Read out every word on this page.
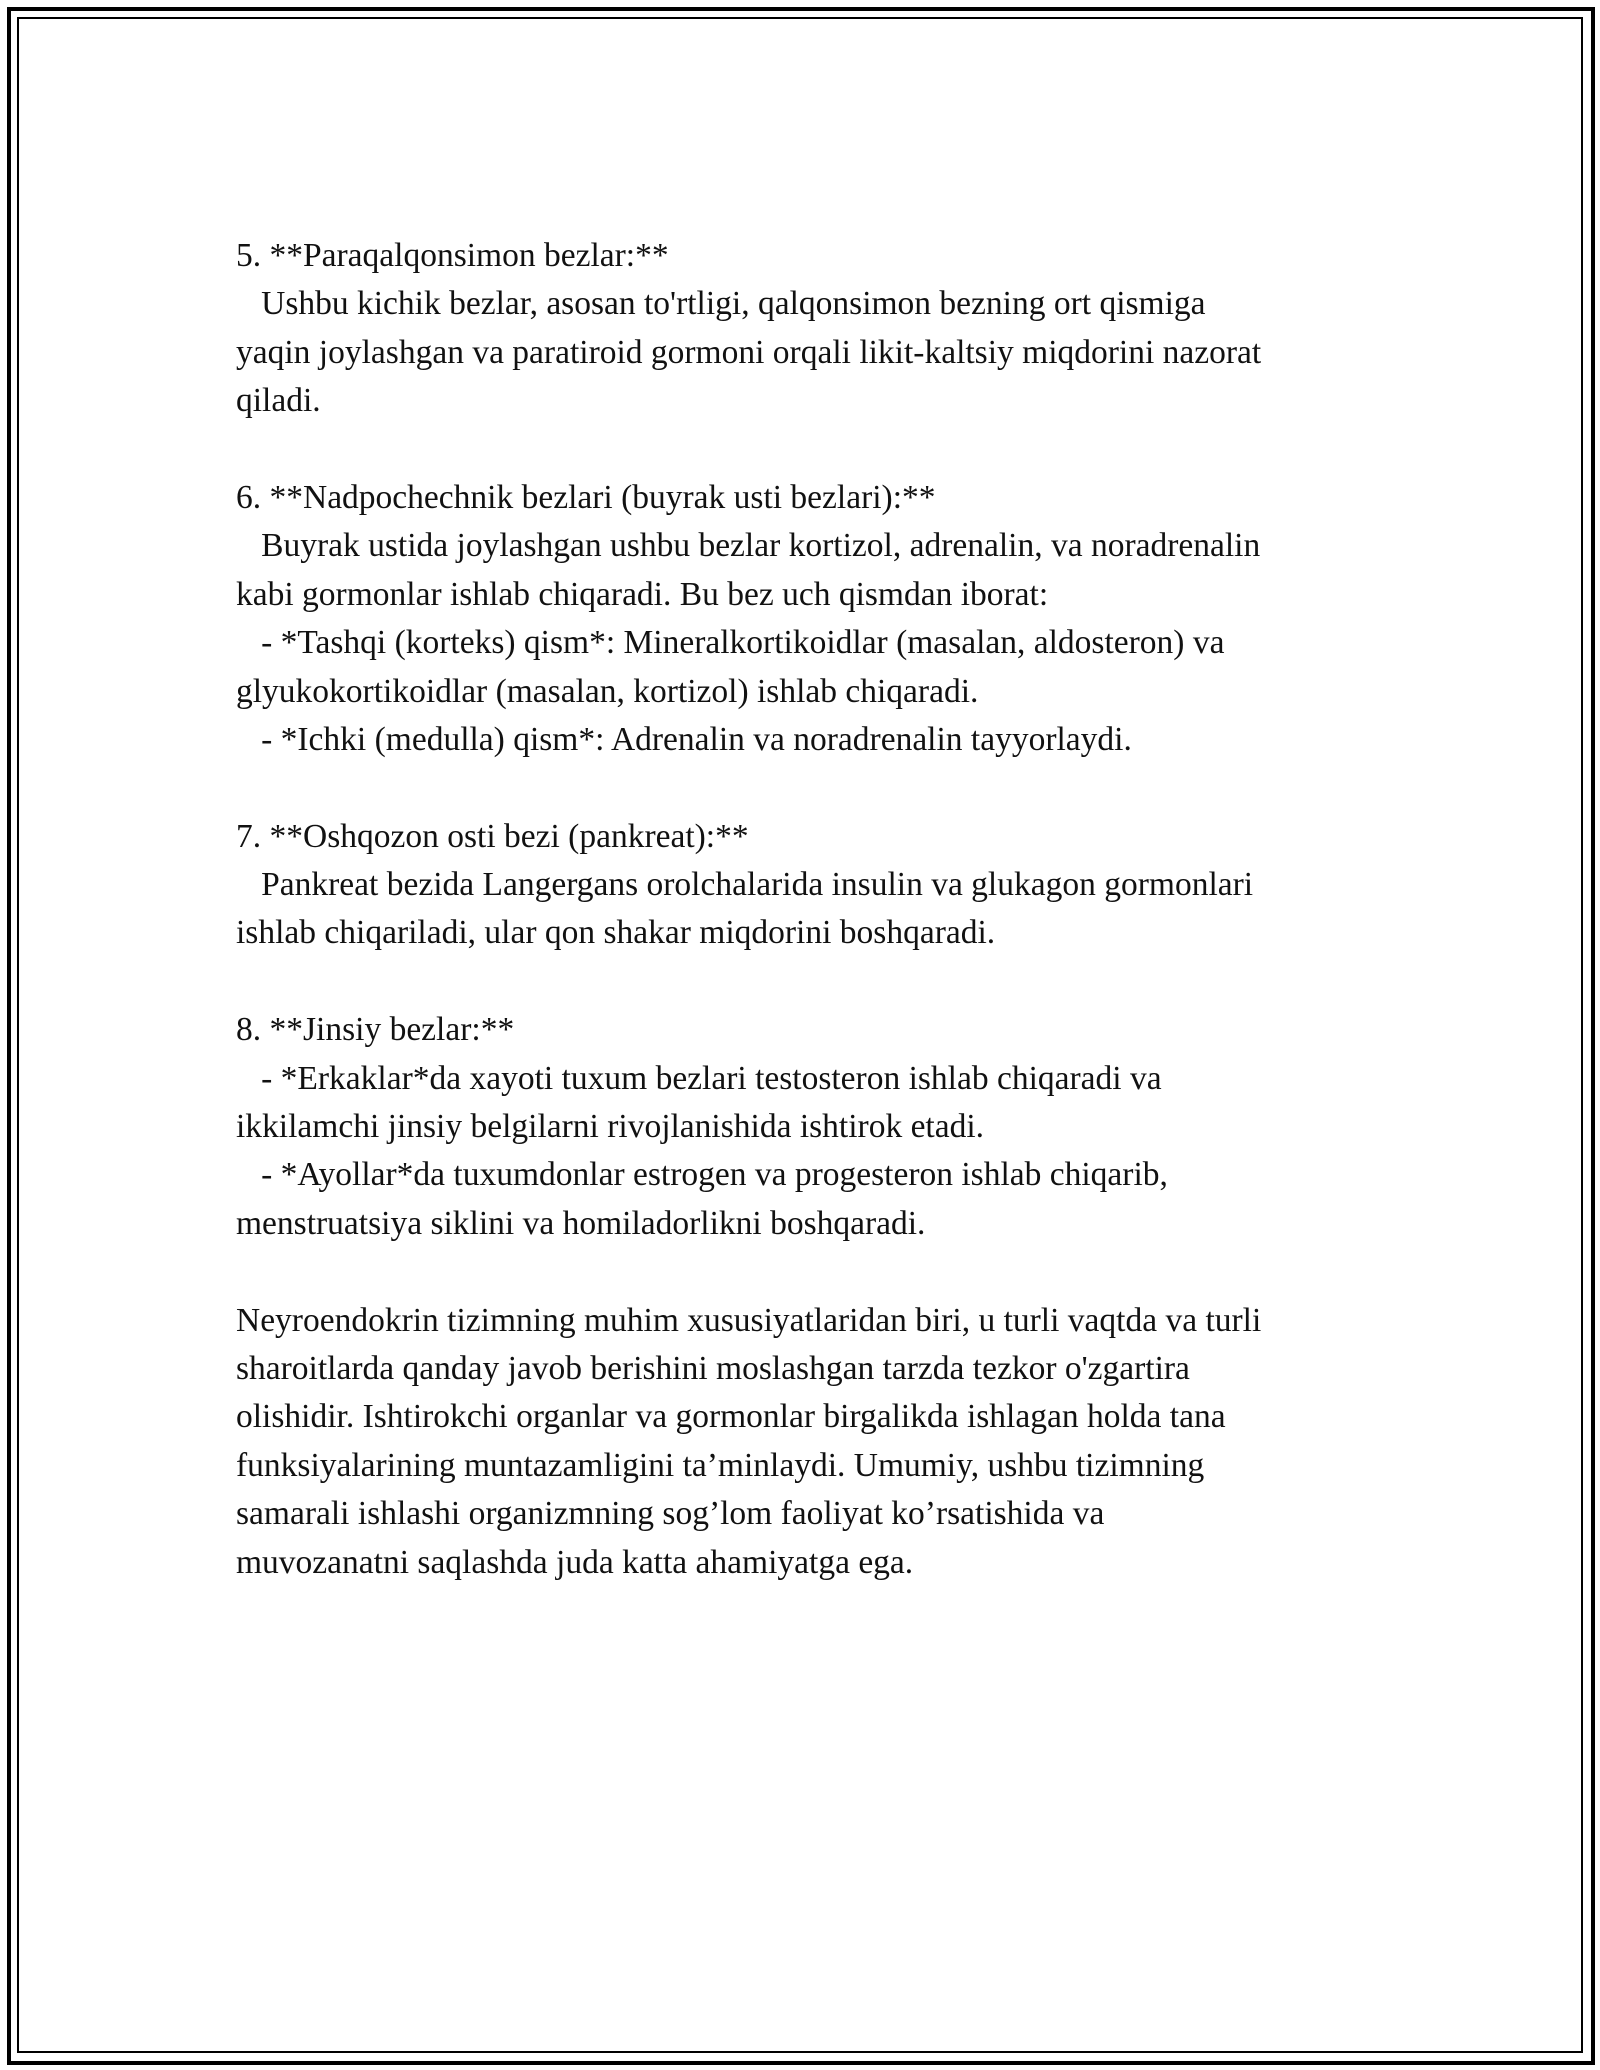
5. **Paraqalqonsimon bezlar:**
Ushbu kichik bezlar, asosan to'rtligi, qalqonsimon bezning ort qismiga
yaqin joylashgan va paratiroid gormoni orqali likit-kaltsiy miqdorini nazorat
qiladi.
6. **Nadpochechnik bezlari (buyrak usti bezlari):**
Buyrak ustida joylashgan ushbu bezlar kortizol, adrenalin, va noradrenalin
kabi gormonlar ishlab chiqaradi. Bu bez uch qismdan iborat:
- *Tashqi (korteks) qism*: Mineralkortikoidlar (masalan, aldosteron) va
glyukokortikoidlar (masalan, kortizol) ishlab chiqaradi.
- *Ichki (medulla) qism*: Adrenalin va noradrenalin tayyorlaydi.
7. **Oshqozon osti bezi (pankreat):**
Pankreat bezida Langergans orolchalarida insulin va glukagon gormonlari
ishlab chiqariladi, ular qon shakar miqdorini boshqaradi.
8. **Jinsiy bezlar:**
- *Erkaklar*da xayoti tuxum bezlari testosteron ishlab chiqaradi va
ikkilamchi jinsiy belgilarni rivojlanishida ishtirok etadi.
- *Ayollar*da tuxumdonlar estrogen va progesteron ishlab chiqarib,
menstruatsiya siklini va homiladorlikni boshqaradi.
Neyroendokrin tizimning muhim xususiyatlaridan biri, u turli vaqtda va turli
sharoitlarda qanday javob berishini moslashgan tarzda tezkor o'zgartira
olishidir. Ishtirokchi organlar va gormonlar birgalikda ishlagan holda tana
funksiyalarining muntazamligini ta’minlaydi. Umumiy, ushbu tizimning
samarali ishlashi organizmning sog’lom faoliyat ko’rsatishida va
muvozanatni saqlashda juda katta ahamiyatga ega.
